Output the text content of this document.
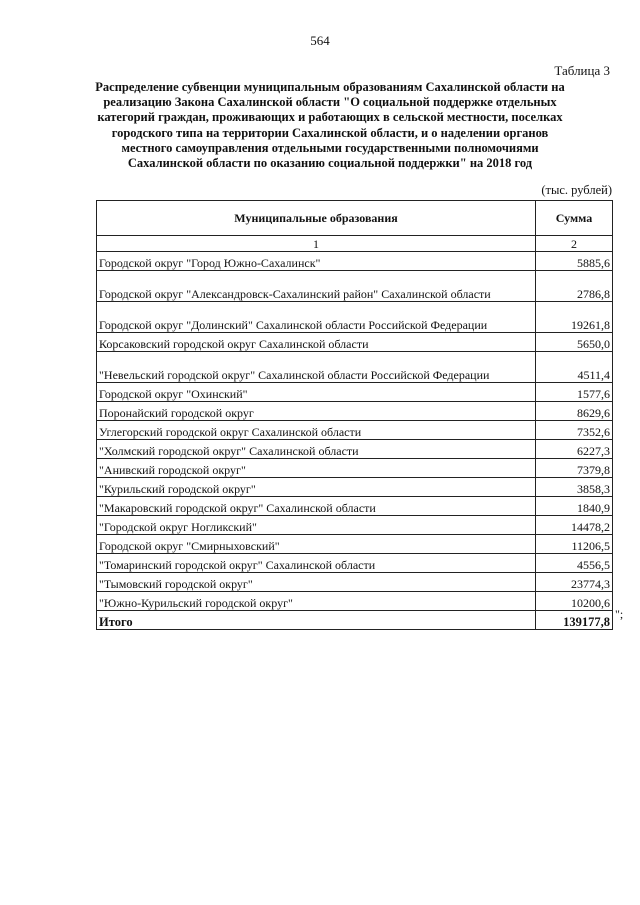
564
Таблица 3
Распределение субвенции муниципальным образованиям Сахалинской области на реализацию Закона Сахалинской области "О социальной поддержке отдельных категорий граждан, проживающих и работающих в сельской местности, поселках городского типа на территории Сахалинской области, и о наделении органов местного самоуправления отдельными государственными полномочиями Сахалинской области по оказанию социальной поддержки" на 2018 год
(тыс. рублей)
Муниципальные образования	Сумма
1	2
Городской округ "Город Южно-Сахалинск"	5885,6
Городской округ "Александровск-Сахалинский район" Сахалинской области	2786,8
Городской округ "Долинский" Сахалинской области Российской Федерации	19261,8
Корсаковский городской округ Сахалинской области	5650,0
"Невельский городской округ" Сахалинской области Российской Федерации	4511,4
Городской округ "Охинский"	1577,6
Поронайский городской округ	8629,6
Углегорский городской округ Сахалинской области	7352,6
"Холмский городской округ" Сахалинской области	6227,3
"Анивский городской округ"	7379,8
"Курильский городской округ"	3858,3
"Макаровский городской округ" Сахалинской области	1840,9
"Городской округ Ногликский"	14478,2
Городской округ "Смирныховский"	11206,5
"Томаринский городской округ" Сахалинской области	4556,5
"Тымовский городской округ"	23774,3
"Южно-Курильский городской округ"	10200,6
Итого	139177,8
";
